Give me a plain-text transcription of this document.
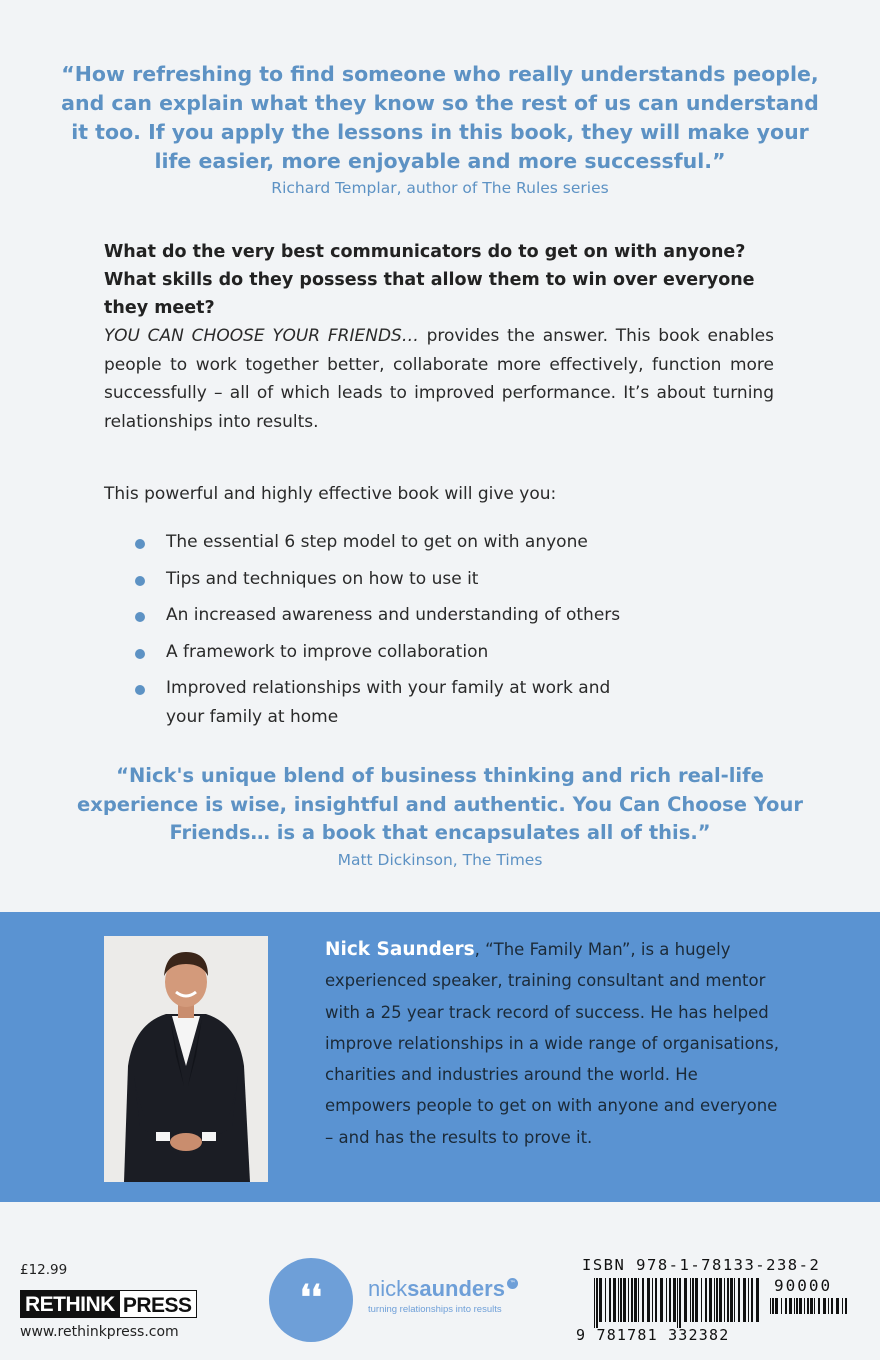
“How refreshing to find someone who really understands people, and can explain what they know so the rest of us can understand it too. If you apply the lessons in this book, they will make your life easier, more enjoyable and more successful.”
Richard Templar, author of The Rules series
What do the very best communicators do to get on with anyone? What skills do they possess that allow them to win over everyone they meet?
YOU CAN CHOOSE YOUR FRIENDS… provides the answer. This book enables people to work together better, collaborate more effectively, function more successfully – all of which leads to improved performance. It’s about turning relationships into results.
This powerful and highly effective book will give you:
The essential 6 step model to get on with anyone
Tips and techniques on how to use it
An increased awareness and understanding of others
A framework to improve collaboration
Improved relationships with your family at work and your family at home
“Nick's unique blend of business thinking and rich real-life experience is wise, insightful and authentic. You Can Choose Your Friends… is a book that encapsulates all of this.”
Matt Dickinson, The Times
Nick Saunders, “The Family Man”, is a hugely experienced speaker, training consultant and mentor with a 25 year track record of success. He has helped improve relationships in a wide range of organisations, charities and industries around the world. He empowers people to get on with anyone and everyone – and has the results to prove it.
£12.99
RETHINK PRESS
www.rethinkpress.com
❛❛	nicksaunders ™
turning relationships into results
ISBN 978-1-78133-238-2
90000
9 781781 332382
